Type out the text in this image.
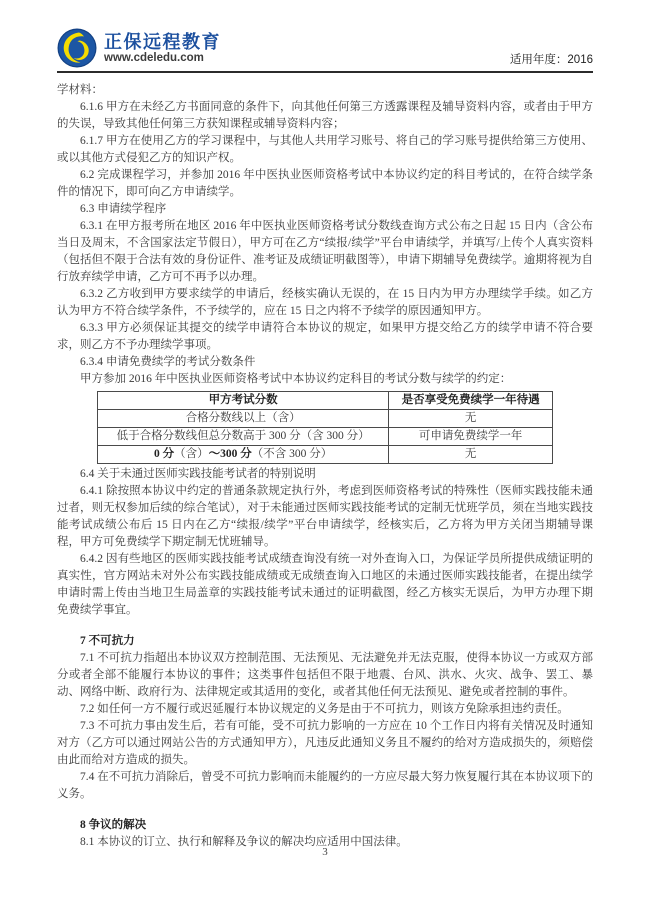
正保远程教育
www.cdeledu.com	适用年度：2016

学材料：

6.1.6 甲方在未经乙方书面同意的条件下，向其他任何第三方透露课程及辅导资料内容，或者由于甲方的失误，导致其他任何第三方获知课程或辅导资料内容；

6.1.7 甲方在使用乙方的学习课程中，与其他人共用学习账号、将自己的学习账号提供给第三方使用、或以其他方式侵犯乙方的知识产权。

6.2 完成课程学习，并参加 2016 年中医执业医师资格考试中本协议约定的科目考试的，在符合续学条件的情况下，即可向乙方申请续学。

6.3 申请续学程序

6.3.1 在甲方报考所在地区 2016 年中医执业医师资格考试分数线查询方式公布之日起 15 日内（含公布当日及周末，不含国家法定节假日），甲方可在乙方“续报/续学”平台申请续学，并填写/上传个人真实资料（包括但不限于合法有效的身份证件、准考证及成绩证明截图等），申请下期辅导免费续学。逾期将视为自行放弃续学申请，乙方可不再予以办理。

6.3.2 乙方收到甲方要求续学的申请后，经核实确认无误的，在 15 日内为甲方办理续学手续。如乙方认为甲方不符合续学条件，不予续学的，应在 15 日之内将不予续学的原因通知甲方。

6.3.3 甲方必须保证其提交的续学申请符合本协议的规定，如果甲方提交给乙方的续学申请不符合要求，则乙方不予办理续学事项。

6.3.4 申请免费续学的考试分数条件

甲方参加 2016 年中医执业医师资格考试中本协议约定科目的考试分数与续学的约定：

甲方考试分数	是否享受免费续学一年待遇
合格分数线以上（含）	无
低于合格分数线但总分数高于 300 分（含 300 分）	可申请免费续学一年
0 分（含）～300 分（不含 300 分）	无

6.4 关于未通过医师实践技能考试者的特别说明

6.4.1 除按照本协议中约定的普通条款规定执行外，考虑到医师资格考试的特殊性（医师实践技能未通过者，则无权参加后续的综合笔试），对于未能通过医师实践技能考试的定制无忧班学员，须在当地实践技能考试成绩公布后 15 日内在乙方“续报/续学”平台申请续学，经核实后，乙方将为甲方关闭当期辅导课程，甲方可免费续学下期定制无忧班辅导。

6.4.2 因有些地区的医师实践技能考试成绩查询没有统一对外查询入口，为保证学员所提供成绩证明的真实性，官方网站未对外公布实践技能成绩或无成绩查询入口地区的未通过医师实践技能者，在提出续学申请时需上传由当地卫生局盖章的实践技能考试未通过的证明截图，经乙方核实无误后，为甲方办理下期免费续学事宜。

7 不可抗力

7.1 不可抗力指超出本协议双方控制范围、无法预见、无法避免并无法克服，使得本协议一方或双方部分或者全部不能履行本协议的事件；这类事件包括但不限于地震、台风、洪水、火灾、战争、罢工、暴动、网络中断、政府行为、法律规定或其适用的变化，或者其他任何无法预见、避免或者控制的事件。

7.2 如任何一方不履行或迟延履行本协议规定的义务是由于不可抗力，则该方免除承担违约责任。

7.3 不可抗力事由发生后，若有可能，受不可抗力影响的一方应在 10 个工作日内将有关情况及时通知对方（乙方可以通过网站公告的方式通知甲方），凡违反此通知义务且不履约的给对方造成损失的，须赔偿由此而给对方造成的损失。

7.4 在不可抗力消除后，曾受不可抗力影响而未能履约的一方应尽最大努力恢复履行其在本协议项下的义务。

8 争议的解决

8.1 本协议的订立、执行和解释及争议的解决均应适用中国法律。

3
